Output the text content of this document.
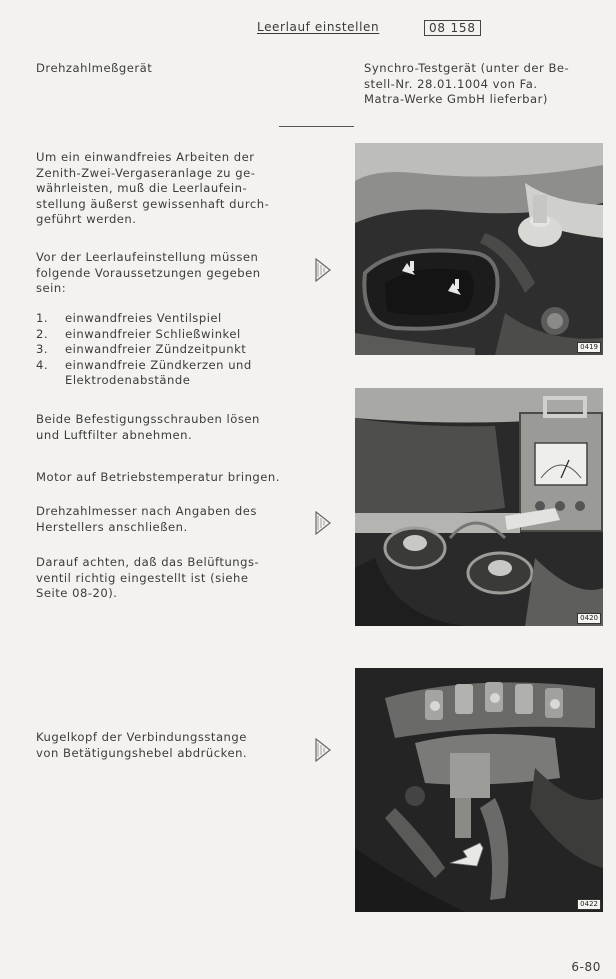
Leerlauf einstellen	08 158
Drehzahlmeßgerät	Synchro-Testgerät (unter der Be-
stell-Nr. 28.01.1004 von Fa.
Matra-Werke GmbH lieferbar)
Um ein einwandfreies Arbeiten der
Zenith-Zwei-Vergaseranlage zu ge-
währleisten, muß die Leerlaufein-
stellung äußerst gewissenhaft durch-
geführt werden.
Vor der Leerlaufeinstellung müssen
folgende Voraussetzungen gegeben
sein:
1. einwandfreies Ventilspiel
2. einwandfreier Schließwinkel
3. einwandfreier Zündzeitpunkt
4. einwandfreie Zündkerzen und Elektrodenabstände
Beide Befestigungsschrauben lösen
und Luftfilter abnehmen.
Motor auf Betriebstemperatur bringen.
Drehzahlmesser nach Angaben des
Herstellers anschließen.
Darauf achten, daß das Belüftungs-
ventil richtig eingestellt ist (siehe
Seite 08-20).
Kugelkopf der Verbindungsstange
von Betätigungshebel abdrücken.
0419
0420
0422
6-80
